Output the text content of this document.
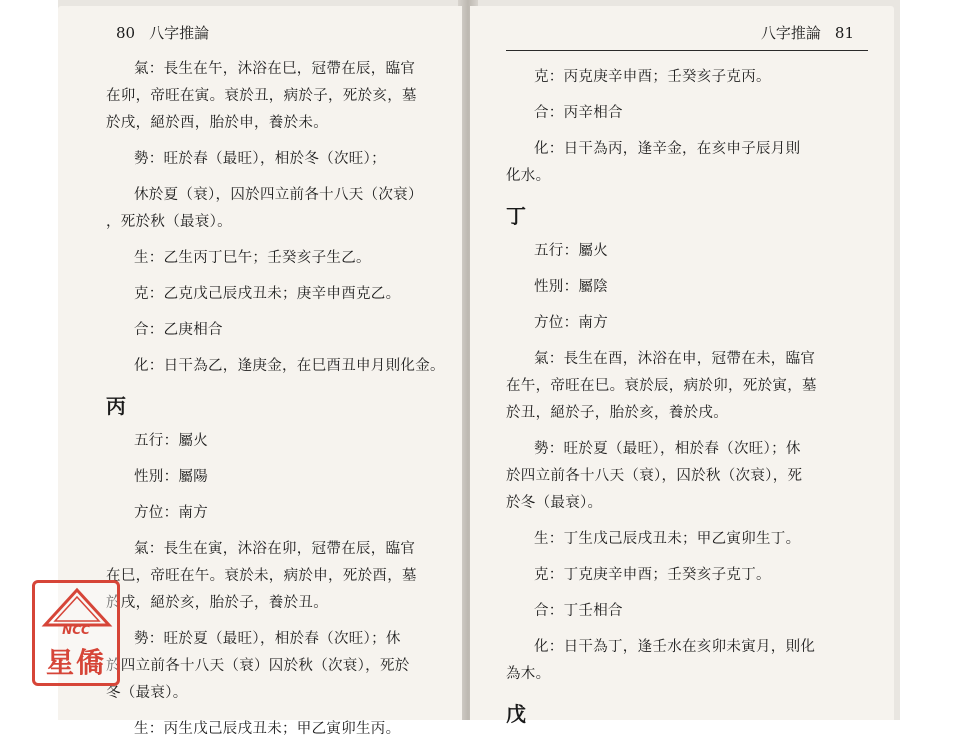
80 八字推論
氣：長生在午，沐浴在巳，冠帶在辰，臨官
在卯，帝旺在寅。衰於丑，病於子，死於亥，墓
於戌，絕於酉，胎於申，養於未。
勢：旺於春（最旺），相於冬（次旺）；
休於夏（衰），囚於四立前各十八天（次衰）
，死於秋（最衰）。
生：乙生丙丁巳午；壬癸亥子生乙。
克：乙克戊己辰戌丑未；庚辛申酉克乙。
合：乙庚相合
化：日干為乙，逢庚金，在巳酉丑申月則化金。
丙
五行：屬火
性別：屬陽
方位：南方
氣：長生在寅，沐浴在卯，冠帶在辰，臨官
在巳，帝旺在午。衰於未，病於申，死於酉，墓
於戌，絕於亥，胎於子，養於丑。
勢：旺於夏（最旺），相於春（次旺）；休
於四立前各十八天（衰）囚於秋（次衰），死於
冬（最衰）。
生：丙生戊己辰戌丑未；甲乙寅卯生丙。
八字推論 81
克：丙克庚辛申酉；壬癸亥子克丙。
合：丙辛相合
化：日干為丙，逢辛金，在亥申子辰月則
化水。
丁
五行：屬火
性別：屬陰
方位：南方
氣：長生在酉，沐浴在申，冠帶在未，臨官
在午，帝旺在巳。衰於辰，病於卯，死於寅，墓
於丑，絕於子，胎於亥，養於戌。
勢：旺於夏（最旺），相於春（次旺）；休
於四立前各十八天（衰），囚於秋（次衰），死
於冬（最衰）。
生：丁生戊己辰戌丑未；甲乙寅卯生丁。
克：丁克庚辛申酉；壬癸亥子克丁。
合：丁壬相合
化：日干為丁，逢壬水在亥卯未寅月，則化
為木。
戊
NCC
星僑
